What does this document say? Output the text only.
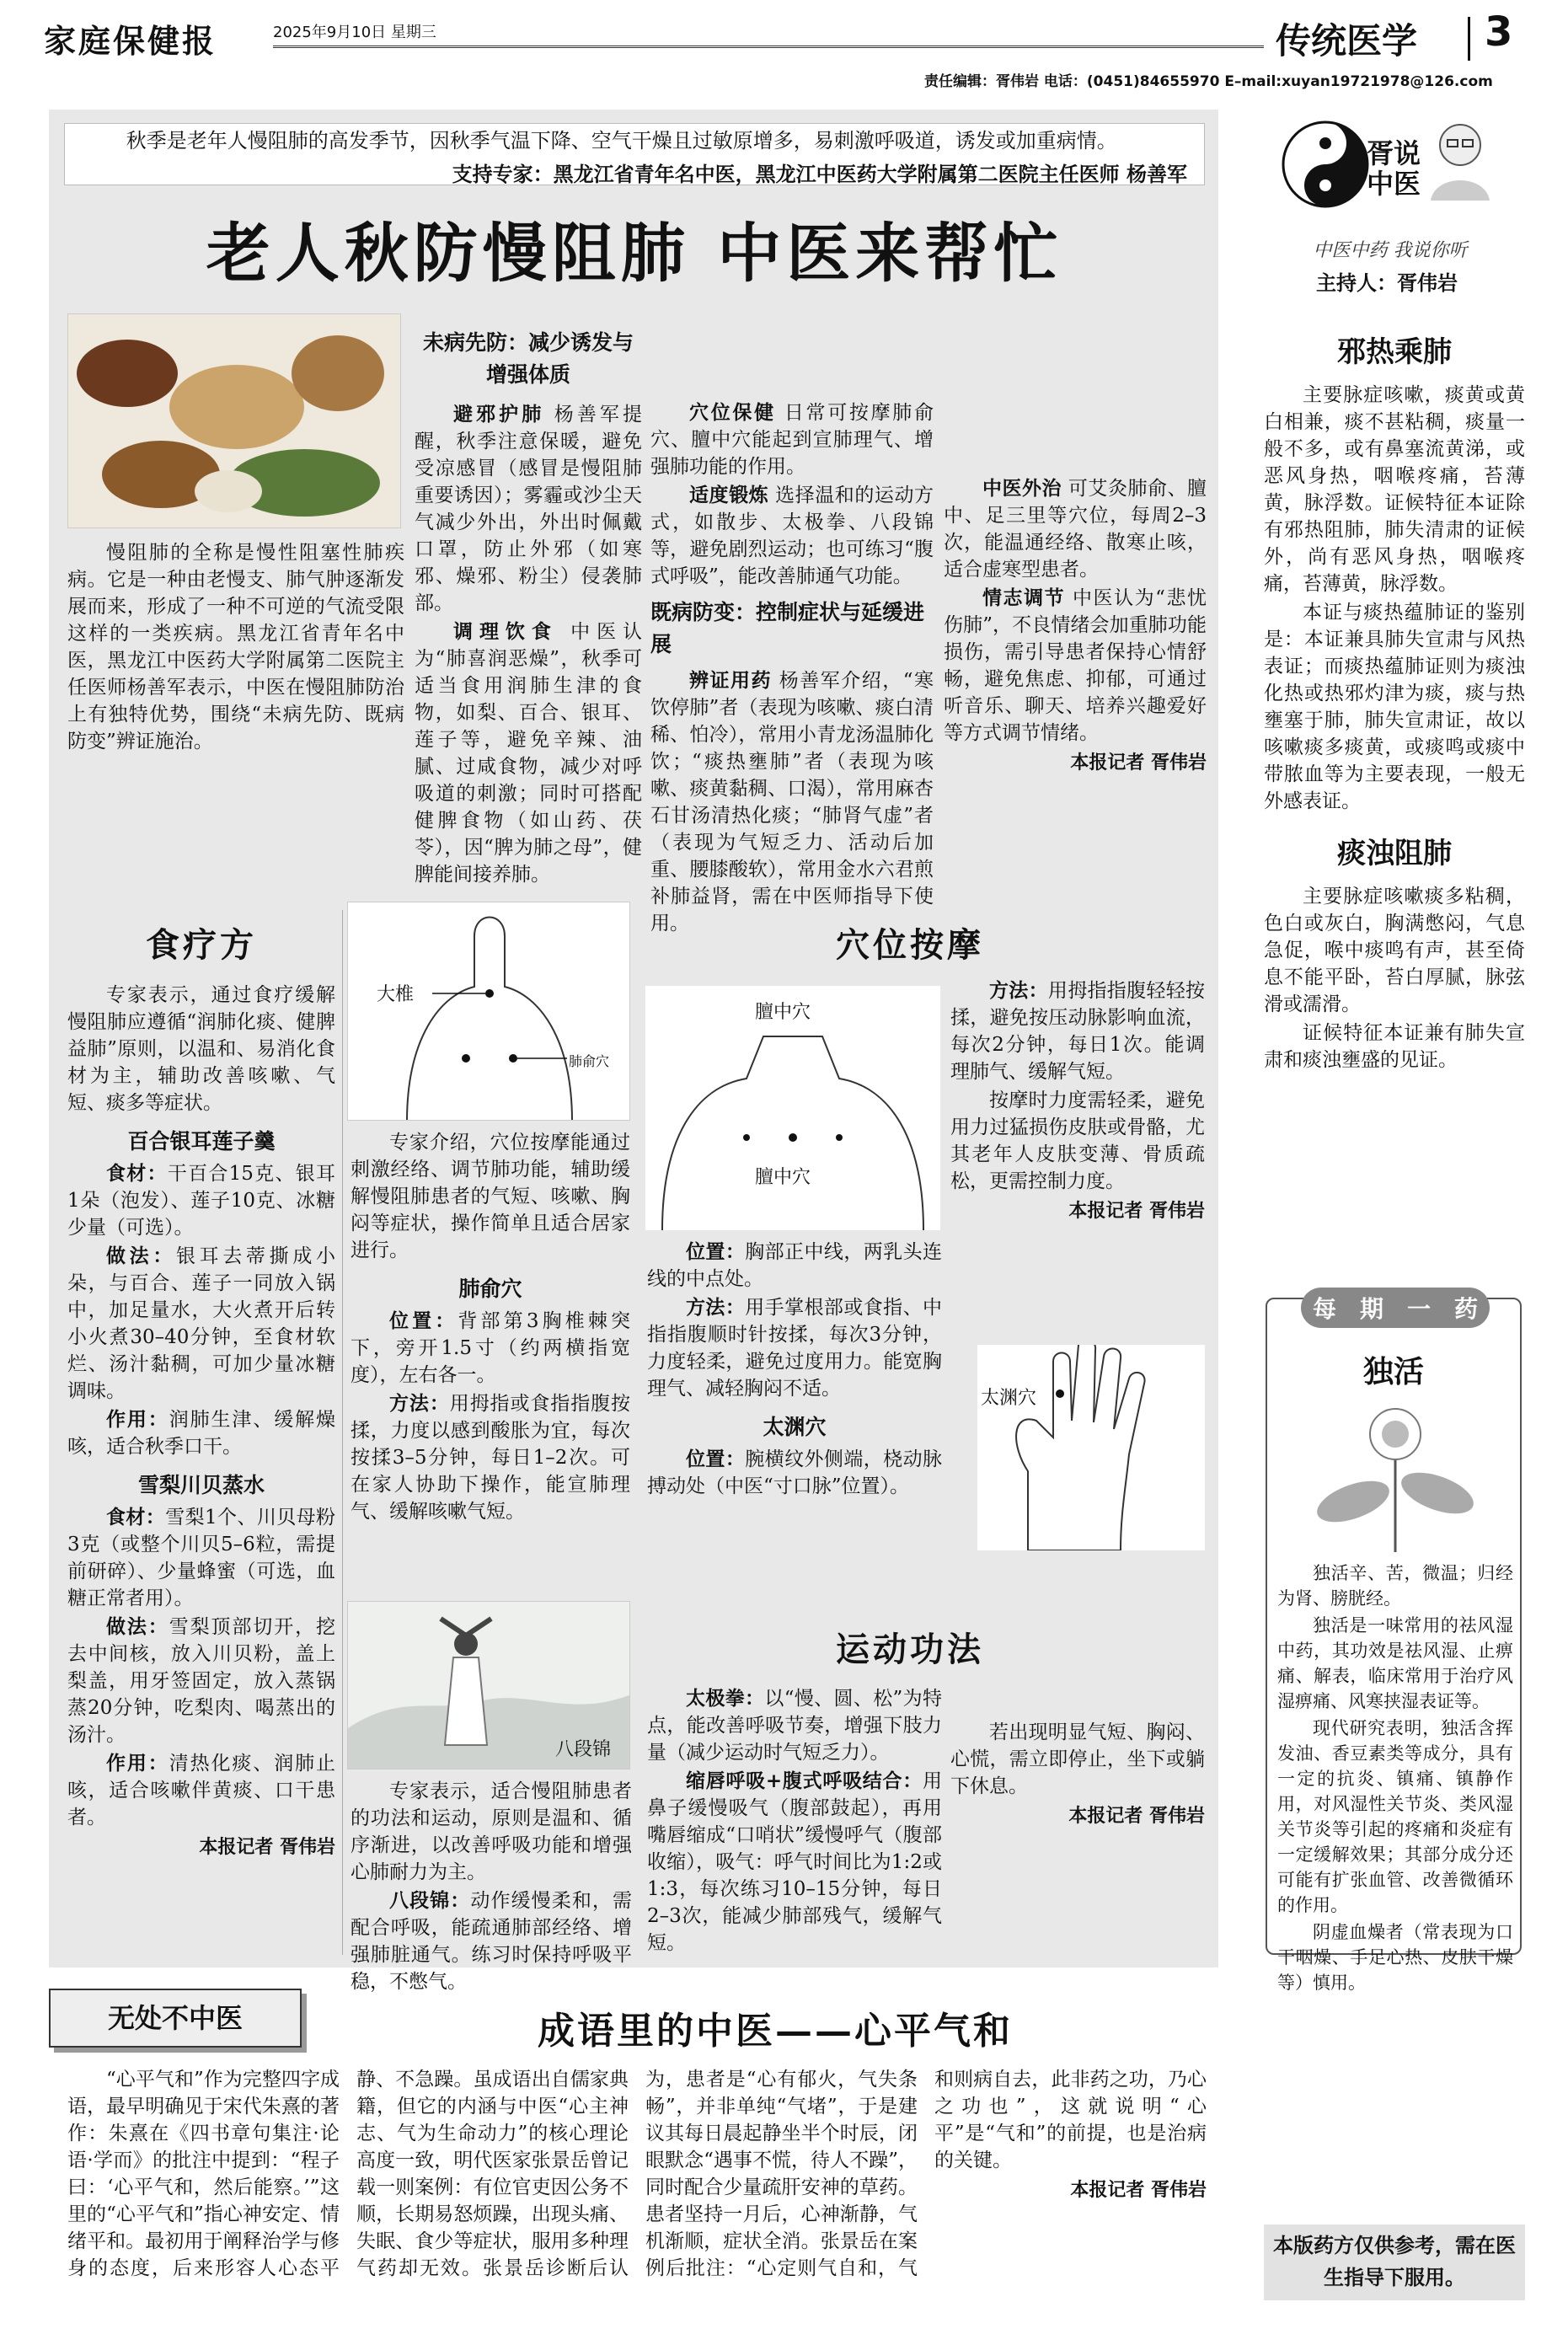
家庭保健报	2025年9月10日 星期三	传统医学 3
责任编辑：胥伟岩 电话：(0451)84655970 E–mail:xuyan19721978@126.com
秋季是老年人慢阻肺的高发季节，因秋季气温下降、空气干燥且过敏原增多，易刺激呼吸道，诱发或加重病情。
支持专家：黑龙江省青年名中医，黑龙江中医药大学附属第二医院主任医师 杨善军
老人秋防慢阻肺 中医来帮忙

慢阻肺的全称是慢性阻塞性肺疾病。它是一种由老慢支、肺气肿逐渐发展而来，形成了一种不可逆的气流受限这样的一类疾病。黑龙江省青年名中医，黑龙江中医药大学附属第二医院主任医师杨善军表示，中医在慢阻肺防治上有独特优势，围绕“未病先防、既病防变”辨证施治。

未病先防：减少诱发与增强体质

避邪护肺 杨善军提醒，秋季注意保暖，避免受凉感冒（感冒是慢阻肺重要诱因）；雾霾或沙尘天气减少外出，外出时佩戴口罩，防止外邪（如寒邪、燥邪、粉尘）侵袭肺部。

调理饮食 中医认为“肺喜润恶燥”，秋季可适当食用润肺生津的食物，如梨、百合、银耳、莲子等，避免辛辣、油腻、过咸食物，减少对呼吸道的刺激；同时可搭配健脾食物（如山药、茯苓），因“脾为肺之母”，健脾能间接养肺。

穴位保健 日常可按摩肺俞穴、膻中穴能起到宣肺理气、增强肺功能的作用。

适度锻炼 选择温和的运动方式，如散步、太极拳、八段锦等，避免剧烈运动；也可练习“腹式呼吸”，能改善肺通气功能。

既病防变：控制症状与延缓进展

辨证用药 杨善军介绍，“寒饮停肺”者（表现为咳嗽、痰白清稀、怕冷），常用小青龙汤温肺化饮；“痰热壅肺”者（表现为咳嗽、痰黄黏稠、口渴），常用麻杏石甘汤清热化痰；“肺肾气虚”者（表现为气短乏力、活动后加重、腰膝酸软），常用金水六君煎补肺益肾，需在中医师指导下使用。

中医外治 可艾灸肺俞、膻中、足三里等穴位，每周2–3次，能温通经络、散寒止咳，适合虚寒型患者。

情志调节 中医认为“悲忧伤肺”，不良情绪会加重肺功能损伤，需引导患者保持心情舒畅，避免焦虑、抑郁，可通过听音乐、聊天、培养兴趣爱好等方式调节情绪。

本报记者 胥伟岩
食疗方

专家表示，通过食疗缓解慢阻肺应遵循“润肺化痰、健脾益肺”原则，以温和、易消化食材为主，辅助改善咳嗽、气短、痰多等症状。

百合银耳莲子羹

食材：干百合15克、银耳1朵（泡发）、莲子10克、冰糖少量（可选）。

做法：银耳去蒂撕成小朵，与百合、莲子一同放入锅中，加足量水，大火煮开后转小火煮30–40分钟，至食材软烂、汤汁黏稠，可加少量冰糖调味。

作用：润肺生津、缓解燥咳，适合秋季口干。

雪梨川贝蒸水

食材：雪梨1个、川贝母粉3克（或整个川贝5–6粒，需提前研碎）、少量蜂蜜（可选，血糖正常者用）。

做法：雪梨顶部切开，挖去中间核，放入川贝粉，盖上梨盖，用牙签固定，放入蒸锅蒸20分钟，吃梨肉、喝蒸出的汤汁。

作用：清热化痰、润肺止咳，适合咳嗽伴黄痰、口干患者。

本报记者 胥伟岩
穴位按摩
大椎
肺俞穴

专家介绍，穴位按摩能通过刺激经络、调节肺功能，辅助缓解慢阻肺患者的气短、咳嗽、胸闷等症状，操作简单且适合居家进行。

肺俞穴

位置：背部第3胸椎棘突下，旁开1.5寸（约两横指宽度），左右各一。

方法：用拇指或食指指腹按揉，力度以感到酸胀为宜，每次按揉3–5分钟，每日1–2次。可在家人协助下操作，能宣肺理气、缓解咳嗽气短。

膻中穴
膻中穴

位置：胸部正中线，两乳头连线的中点处。

方法：用手掌根部或食指、中指指腹顺时针按揉，每次3分钟，力度轻柔，避免过度用力。能宽胸理气、减轻胸闷不适。

太渊穴

位置：腕横纹外侧端，桡动脉搏动处（中医“寸口脉”位置）。

方法：用拇指指腹轻轻按揉，避免按压动脉影响血流，每次2分钟，每日1次。能调理肺气、缓解气短。

按摩时力度需轻柔，避免用力过猛损伤皮肤或骨骼，尤其老年人皮肤变薄、骨质疏松，更需控制力度。

本报记者 胥伟岩
太渊穴
运动功法
八段锦

专家表示，适合慢阻肺患者的功法和运动，原则是温和、循序渐进，以改善呼吸功能和增强心肺耐力为主。

八段锦：动作缓慢柔和，需配合呼吸，能疏通肺部经络、增强肺脏通气。练习时保持呼吸平稳，不憋气。

太极拳：以“慢、圆、松”为特点，能改善呼吸节奏，增强下肢力量（减少运动时气短乏力）。

缩唇呼吸+腹式呼吸结合：用鼻子缓慢吸气（腹部鼓起），再用嘴唇缩成“口哨状”缓慢呼气（腹部收缩），吸气：呼气时间比为1:2或1:3，每次练习10–15分钟，每日2–3次，能减少肺部残气，缓解气短。

若出现明显气短、胸闷、心慌，需立即停止，坐下或躺下休息。

本报记者 胥伟岩
胥说中医
中医中药 我说你听
主持人：胥伟岩
邪热乘肺

主要脉症咳嗽，痰黄或黄白相兼，痰不甚粘稠，痰量一般不多，或有鼻塞流黄涕，或恶风身热，咽喉疼痛，苔薄黄，脉浮数。证候特征本证除有邪热阻肺，肺失清肃的证候外，尚有恶风身热，咽喉疼痛，苔薄黄，脉浮数。

本证与痰热蕴肺证的鉴别是：本证兼具肺失宣肃与风热表证；而痰热蕴肺证则为痰浊化热或热邪灼津为痰，痰与热壅塞于肺，肺失宣肃证，故以咳嗽痰多痰黄，或痰鸣或痰中带脓血等为主要表现，一般无外感表证。

痰浊阻肺

主要脉症咳嗽痰多粘稠，色白或灰白，胸满憋闷，气息急促，喉中痰鸣有声，甚至倚息不能平卧，苔白厚腻，脉弦滑或濡滑。

证候特征本证兼有肺失宣肃和痰浊壅盛的见证。

每 期 一 药
独活

独活辛、苦，微温；归经为肾、膀胱经。

独活是一味常用的祛风湿中药，其功效是祛风湿、止痹痛、解表，临床常用于治疗风湿痹痛、风寒挟湿表证等。

现代研究表明，独活含挥发油、香豆素类等成分，具有一定的抗炎、镇痛、镇静作用，对风湿性关节炎、类风湿关节炎等引起的疼痛和炎症有一定缓解效果；其部分成分还可能有扩张血管、改善微循环的作用。

阴虚血燥者（常表现为口干咽燥、手足心热、皮肤干燥等）慎用。

本版药方仅供参考，需在医生指导下服用。
无处不中医	成语里的中医——心平气和

“心平气和”作为完整四字成语，最早明确见于宋代朱熹的著作：朱熹在《四书章句集注·论语·学而》的批注中提到：“程子曰：‘心平气和，然后能察。’”这里的“心平气和”指心神安定、情绪平和。最初用于阐释治学与修身的态度，后来形容人心态平静、不急躁。虽成语出自儒家典籍，但它的内涵与中医“心主神志、气为生命动力”的核心理论高度一致，明代医家张景岳曾记载一则案例：有位官吏因公务不顺，长期易怒烦躁，出现头痛、失眠、食少等症状，服用多种理气药却无效。张景岳诊断后认为，患者是“心有郁火，气失条畅”，并非单纯“气堵”，于是建议其每日晨起静坐半个时辰，闭眼默念“遇事不慌，待人不躁”，同时配合少量疏肝安神的草药。患者坚持一月后，心神渐静，气机渐顺，症状全消。张景岳在案例后批注：“心定则气自和，气和则病自去，此非药之功，乃心之功也”，这就说明“心平”是“气和”的前提，也是治病的关键。

本报记者 胥伟岩
